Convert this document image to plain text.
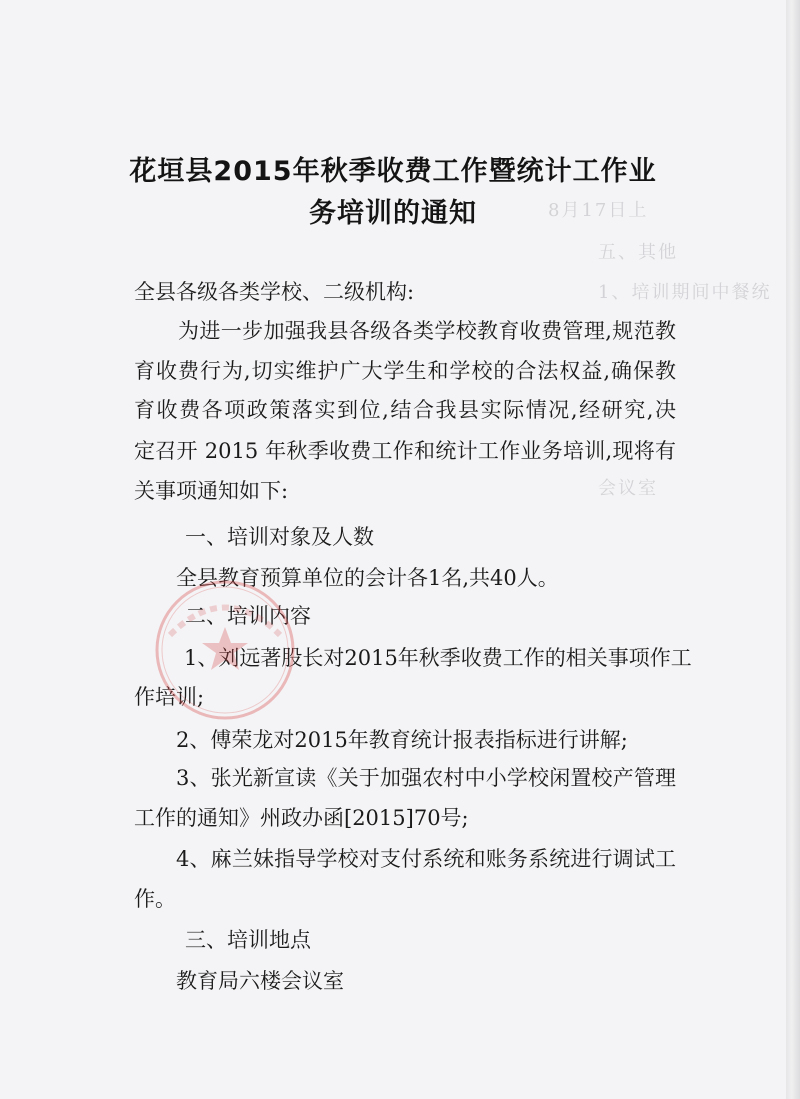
8月17日上
五、其他
1、培训期间中餐统
会议室
花垣县2015年秋季收费工作暨统计工作业
务培训的通知
全县各级各类学校、二级机构:
为进一步加强我县各级各类学校教育收费管理,规范教
育收费行为,切实维护广大学生和学校的合法权益,确保教
育收费各项政策落实到位,结合我县实际情况,经研究,决
定召开 2015 年秋季收费工作和统计工作业务培训,现将有
关事项通知如下:
一、培训对象及人数
全县教育预算单位的会计各1名,共40人。
二、培训内容
1、刘远著股长对2015年秋季收费工作的相关事项作工
作培训;
2、傅荣龙对2015年教育统计报表指标进行讲解;
3、张光新宣读《关于加强农村中小学校闲置校产管理
工作的通知》州政办函[2015]70号;
4、麻兰妹指导学校对支付系统和账务系统进行调试工
作。
三、培训地点
教育局六楼会议室
